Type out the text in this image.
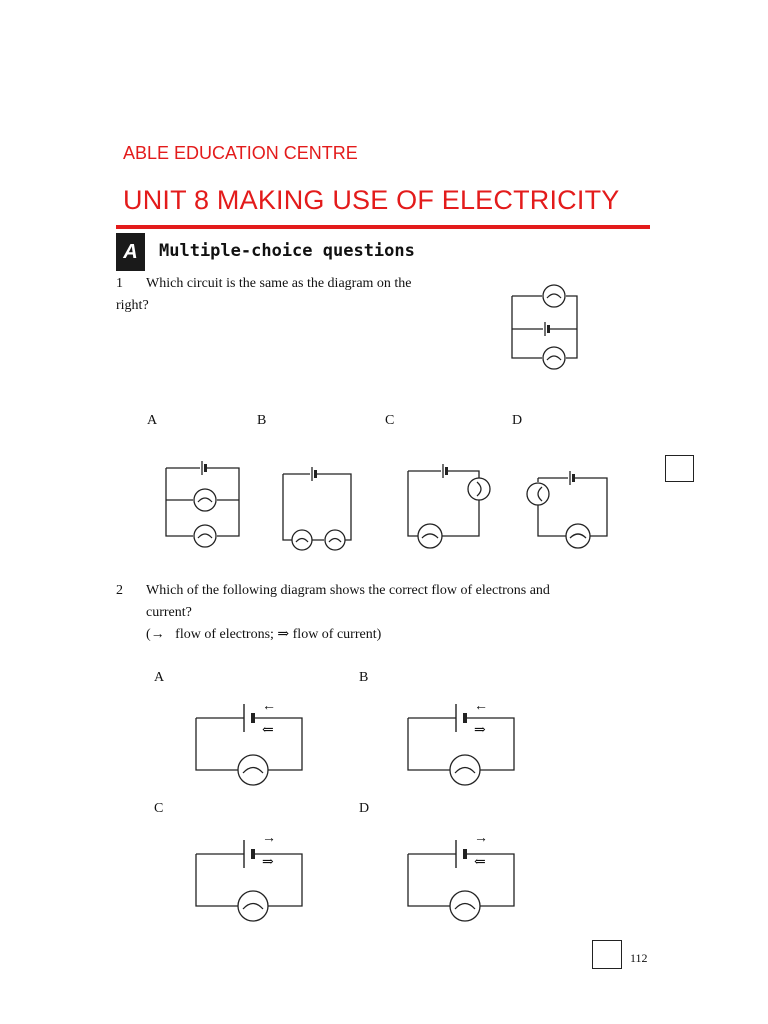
ABLE EDUCATION CENTRE
UNIT 8 MAKING USE OF ELECTRICITY
A	Multiple-choice questions
1 Which circuit is the same as the diagram on the
right?
A	B	C	D
2 Which of the following diagram shows the correct flow of electrons and
current?
(→   flow of electrons; ⇒ flow of current)
A	B
C	D
←
⇐
←
⇒
→
⇒
→
⇐
112
